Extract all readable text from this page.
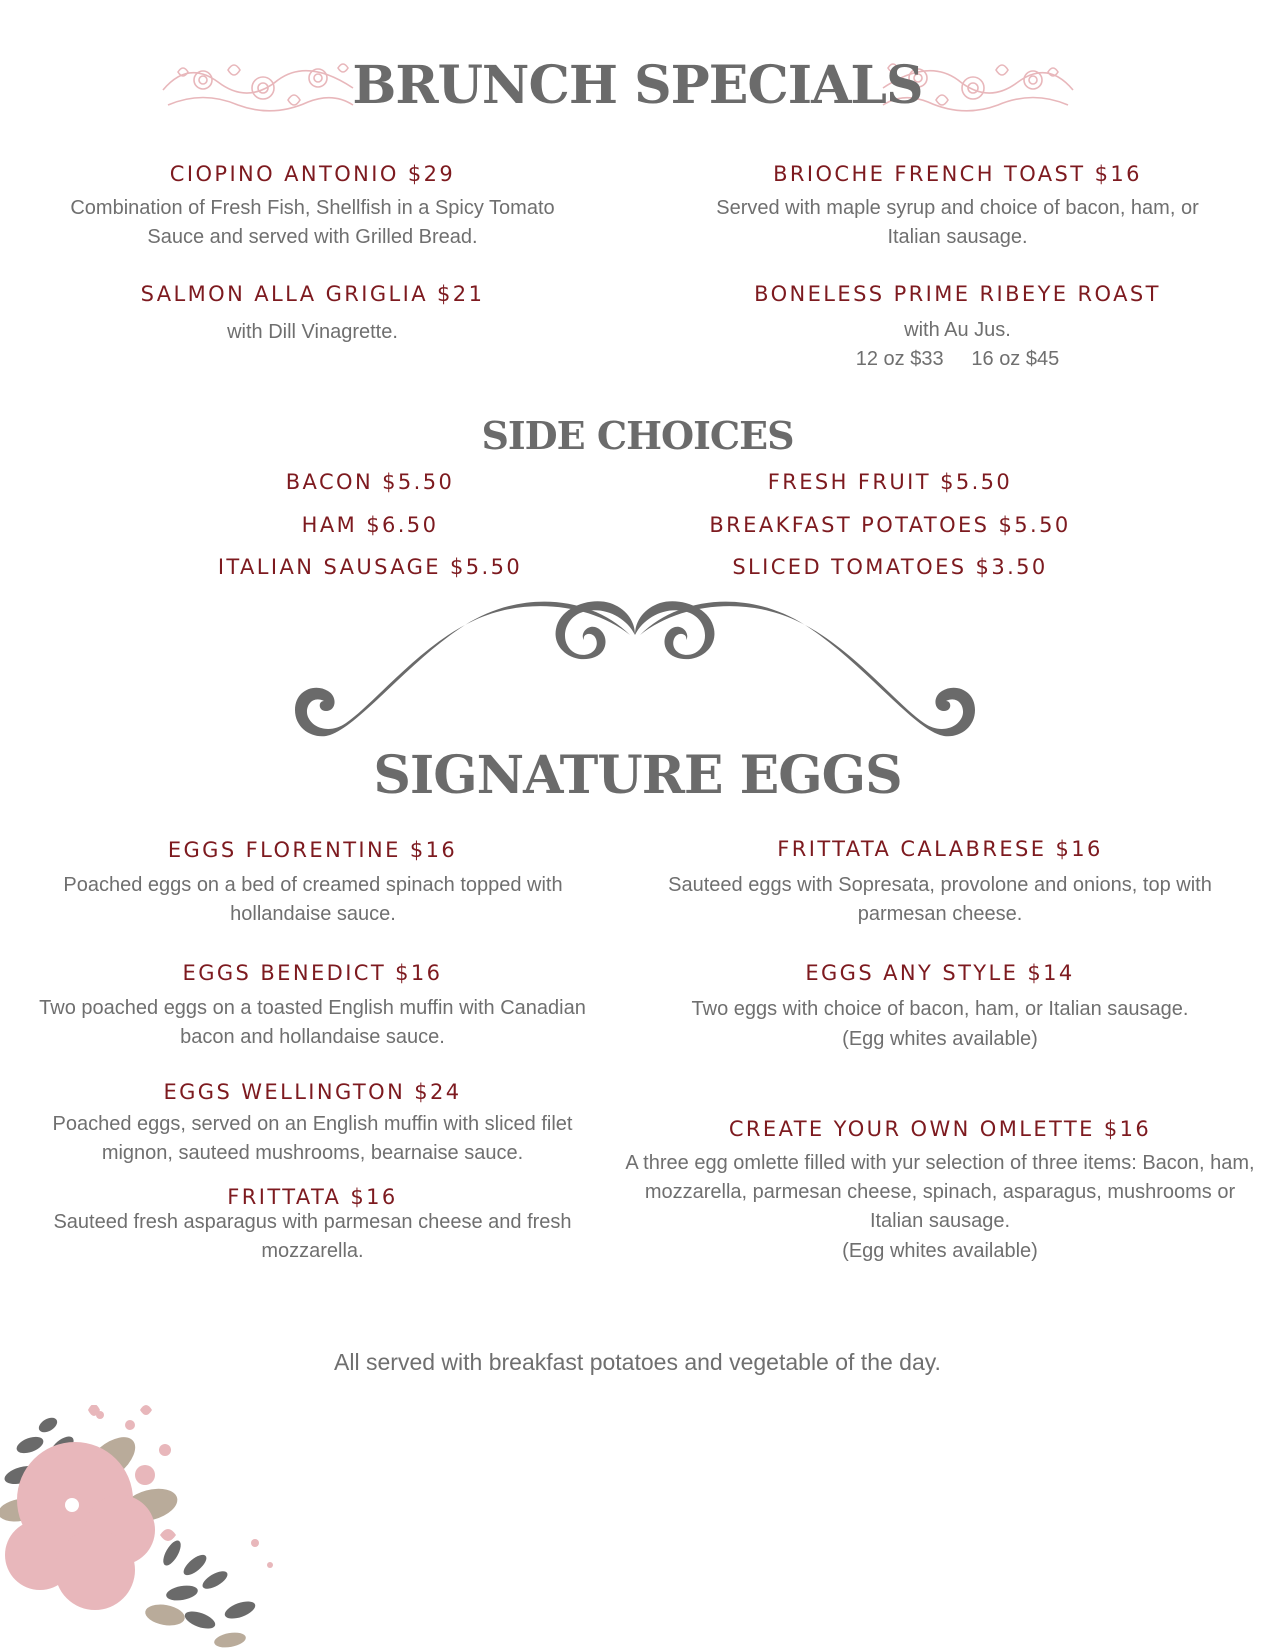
BRUNCH SPECIALS
CIOPINO ANTONIO $29
Combination of Fresh Fish, Shellfish in a Spicy Tomato Sauce and served with Grilled Bread.
BRIOCHE FRENCH TOAST $16
Served with maple syrup and choice of bacon, ham, or Italian sausage.
SALMON ALLA GRIGLIA $21
with Dill Vinagrette.
BONELESS PRIME RIBEYE ROAST
with Au Jus.
12 oz $33     16 oz $45
SIDE CHOICES
BACON $5.50
HAM $6.50
ITALIAN SAUSAGE $5.50
FRESH FRUIT $5.50
BREAKFAST POTATOES $5.50
SLICED TOMATOES $3.50
SIGNATURE EGGS
EGGS FLORENTINE $16
Poached eggs on a bed of creamed spinach topped with hollandaise sauce.
FRITTATA CALABRESE $16
Sauteed eggs with Sopresata, provolone and onions, top with parmesan cheese.
EGGS BENEDICT $16
Two poached eggs on a toasted English muffin with Canadian bacon and hollandaise sauce.
EGGS ANY STYLE $14
Two eggs with choice of bacon, ham, or Italian sausage.
(Egg whites available)
EGGS WELLINGTON $24
Poached eggs, served on an English muffin with sliced filet mignon, sauteed mushrooms, bearnaise sauce.
FRITTATA $16
Sauteed fresh asparagus with parmesan cheese and fresh mozzarella.
CREATE YOUR OWN OMLETTE $16
A three egg omlette filled with yur selection of three items: Bacon, ham, mozzarella, parmesan cheese, spinach, asparagus, mushrooms or Italian sausage.
(Egg whites available)
All served with breakfast potatoes and vegetable of the day.
